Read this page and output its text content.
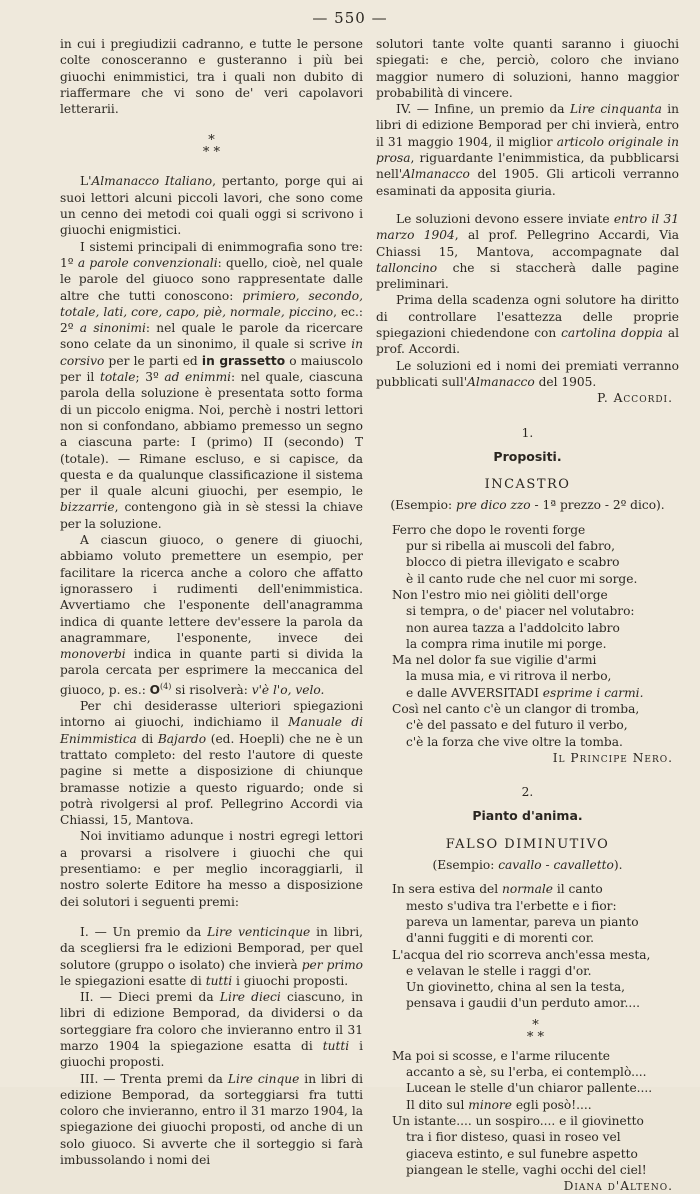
— 550 —

in cui i pregiudizii cadranno, e tutte le persone colte conosceranno e gusteranno i più bei giuochi enimmistici, tra i quali non dubito di riaffermare che vi sono de' veri capolavori letterarii.

*
* *

L'Almanacco Italiano, pertanto, porge qui ai suoi lettori alcuni piccoli lavori, che sono come un cenno dei metodi coi quali oggi si scrivono i giuochi enigmistici.

I sistemi principali di enimmografia sono tre: 1º a parole convenzionali: quello, cioè, nel quale le parole del giuoco sono rappresentate dalle altre che tutti conoscono: primiero, secondo, totale, lati, core, capo, piè, normale, piccino, ec.: 2º a sinonimi: nel quale le parole da ricercare sono celate da un sinonimo, il quale si scrive in corsivo per le parti ed in grassetto o maiuscolo per il totale; 3º ad enimmi: nel quale, ciascuna parola della soluzione è presentata sotto forma di un piccolo enigma. Noi, perchè i nostri lettori non si confondano, abbiamo premesso un segno a ciascuna parte: I (primo) II (secondo) T (totale). — Rimane escluso, e si capisce, da questa e da qualunque classificazione il sistema per il quale alcuni giuochi, per esempio, le bizzarrie, contengono già in sè stessi la chiave per la soluzione.

A ciascun giuoco, o genere di giuochi, abbiamo voluto premettere un esempio, per facilitare la ricerca anche a coloro che affatto ignorassero i rudimenti dell'enimmistica. Avvertiamo che l'esponente dell'anagramma indica di quante lettere dev'essere la parola da anagrammare, l'esponente, invece dei monoverbi indica in quante parti si divida la parola cercata per esprimere la meccanica del giuoco, p. es.: $O^{(4)}$ si risolverà: v'è l'o, velo.

Per chi desiderasse ulteriori spiegazioni intorno ai giuochi, indichiamo il Manuale di Enimmistica di Bajardo (ed. Hoepli) che ne è un trattato completo: del resto l'autore di queste pagine si mette a disposizione di chiunque bramasse notizie a questo riguardo; onde si potrà rivolgersi al prof. Pellegrino Accordi via Chiassi, 15, Mantova.

Noi invitiamo adunque i nostri egregi lettori a provarsi a risolvere i giuochi che qui presentiamo: e per meglio incoraggiarli, il nostro solerte Editore ha messo a disposizione dei solutori i seguenti premi:

I. — Un premio da Lire venticinque in libri, da scegliersi fra le edizioni Bemporad, per quel solutore (gruppo o isolato) che invierà per primo le spiegazioni esatte di tutti i giuochi proposti.

II. — Dieci premi da Lire dieci ciascuno, in libri di edizione Bemporad, da dividersi o da sorteggiare fra coloro che invieranno entro il 31 marzo 1904 la spiegazione esatta di tutti i giuochi proposti.

III. — Trenta premi da Lire cinque in libri di edizione Bemporad, da sorteggiarsi fra tutti coloro che invieranno, entro il 31 marzo 1904, la spiegazione dei giuochi proposti, od anche di un solo giuoco. Si avverte che il sorteggio si farà imbussolando i nomi dei

solutori tante volte quanti saranno i giuochi spiegati: e che, perciò, coloro che inviano maggior numero di soluzioni, hanno maggior probabilità di vincere.

IV. — Infine, un premio da Lire cinquanta in libri di edizione Bemporad per chi invierà, entro il 31 maggio 1904, il miglior articolo originale in prosa, riguardante l'enimmistica, da pubblicarsi nell'Almanacco del 1905. Gli articoli verranno esaminati da apposita giuria.

Le soluzioni devono essere inviate entro il 31 marzo 1904, al prof. Pellegrino Accardi, Via Chiassi 15, Mantova, accompagnate dal talloncino che si staccherà dalle pagine preliminari.

Prima della scadenza ogni solutore ha diritto di controllare l'esattezza delle proprie spiegazioni chiedendone con cartolina doppia al prof. Accordi.

Le soluzioni ed i nomi dei premiati verranno pubblicati sull'Almanacco del 1905.

P. Accordi.
1.
Propositi.
INCASTRO
(Esempio: pre dico zzo - 1ª prezzo - 2º dico).
Ferro che dopo le roventi forge
pur si ribella ai muscoli del fabro,
blocco di pietra illevigato e scabro
è il canto rude che nel cuor mi sorge.
Non l'estro mio nei giòliti dell'orge
si tempra, o de' piacer nel volutabro:
non aurea tazza a l'addolcito labro
la compra rima inutile mi porge.
Ma nel dolor fa sue vigilie d'armi
la musa mia, e vi ritrova il nerbo,
e dalle AVVERSITADI esprime i carmi.
Così nel canto c'è un clangor di tromba,
c'è del passato e del futuro il verbo,
c'è la forza che vive oltre la tomba.
Il Principe Nero.
2.
Pianto d'anima.
FALSO DIMINUTIVO
(Esempio: cavallo - cavalletto).
In sera estiva del normale il canto
mesto s'udiva tra l'erbette e i fior:
pareva un lamentar, pareva un pianto
d'anni fuggiti e di morenti cor.
L'acqua del rio scorreva anch'essa mesta,
e velavan le stelle i raggi d'or.
Un giovinetto, china al sen la testa,
pensava i gaudii d'un perduto amor....
*
* *
Ma poi si scosse, e l'arme rilucente
accanto a sè, su l'erba, ei contemplò....
Lucean le stelle d'un chiaror pallente....
Il dito sul minore egli posò!....
Un istante.... un sospiro.... e il giovinetto
tra i fior disteso, quasi in roseo vel
giaceva estinto, e sul funebre aspetto
piangean le stelle, vaghi occhi del ciel!
Diana d'Alteno.
